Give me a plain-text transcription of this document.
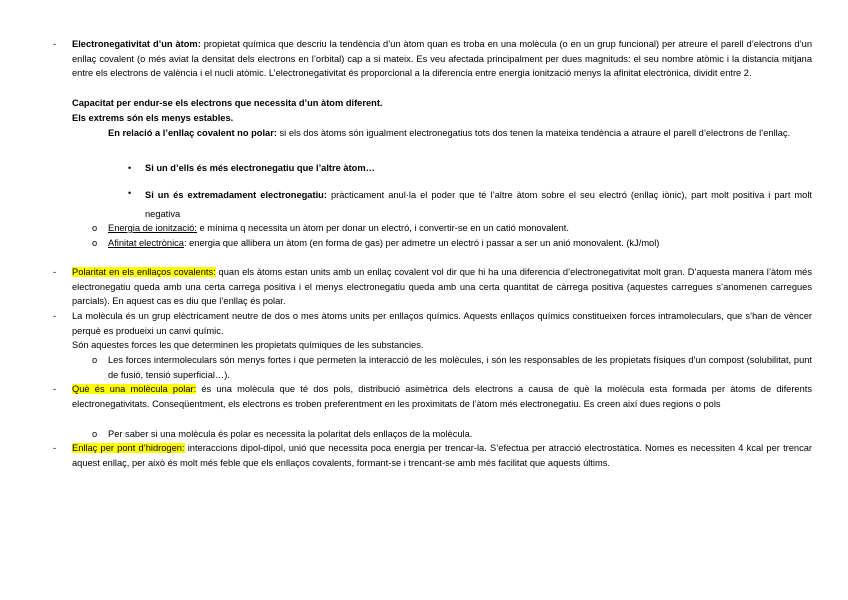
- Electronegativitat d’un àtom: propietat química que descriu la tendència d’un àtom quan es troba en una molècula (o en un grup funcional) per atreure el parell d’electrons d’un enllaç covalent (o més aviat la densitat dels electrons en l’orbital) cap a si mateix. Es veu afectada principalment per dues magnituds: el seu nombre atòmic i la distancia mitjana entre els electrons de valència i el nucli atòmic. L’electronegativitat és proporcional a la diferencia entre energia ionització menys la afinitat electrònica, dividit entre 2.
Capacitat per endur-se els electrons que necessita d’un àtom diferent.
Els extrems són els menys estables.
En relació a l’enllaç covalent no polar: si els dos àtoms són igualment electronegatius tots dos tenen la mateixa tendència a atraure el parell d’electrons de l’enllaç.
• Si un d’ells és més electronegatiu que l’altre àtom…
• Si un és extremadament electronegatiu: pràcticament anul·la el poder que té l’altre àtom sobre el seu electró (enllaç iònic), part molt positiva i part molt negativa
o Energia de ionització: e mínima q necessita un àtom per donar un electró, i convertir-se en un catió monovalent.
o Afinitat electrònica: energia que allibera un àtom (en forma de gas) per admetre un electró i passar a ser un anió monovalent. (kJ/mol)
- Polaritat en els enllaços covalents: quan els àtoms estan units amb un enllaç covalent vol dir que hi ha una diferencia d’electronegativitat molt gran. D’aquesta manera l’àtom més electronegatiu queda amb una certa carrega positiva i el menys electronegatiu queda amb una certa quantitat de càrrega positiva (aquestes carregues s’anomenen carregues parcials). En aquest cas es diu que l’enllaç és polar.
- La molècula és un grup elèctricament neutre de dos o mes àtoms units per enllaços químics. Aquests enllaços químics constitueixen forces intramoleculars, que s’han de vèncer perquè es produeixi un canvi químic.
Són aquestes forces les que determinen les propietats químiques de les substancies.
o Les forces intermoleculars són menys fortes i que permeten la interacció de les molècules, i són les responsables de les propietats físiques d’un compost (solubilitat, punt de fusió, tensió superficial…).
- Què és una molècula polar: és una molècula que té dos pols, distribució asimètrica dels electrons a causa de què la molècula esta formada per àtoms de diferents electronegativitats. Conseqüentment, els electrons es troben preferentment en les proximitats de l’àtom més electronegatiu. Es creen així dues regions o pols
o Per saber si una molècula és polar es necessita la polaritat dels enllaços de la molècula.
- Enllaç per pont d’hidrogen: interaccions dipol-dipol, unió que necessita poca energia per trencar-la. S’efectua per atracció electrostàtica. Nomes es necessiten 4 kcal per trencar aquest enllaç, per això és molt més feble que els enllaços covalents, formant-se i trencant-se amb més facilitat que aquests últims.
